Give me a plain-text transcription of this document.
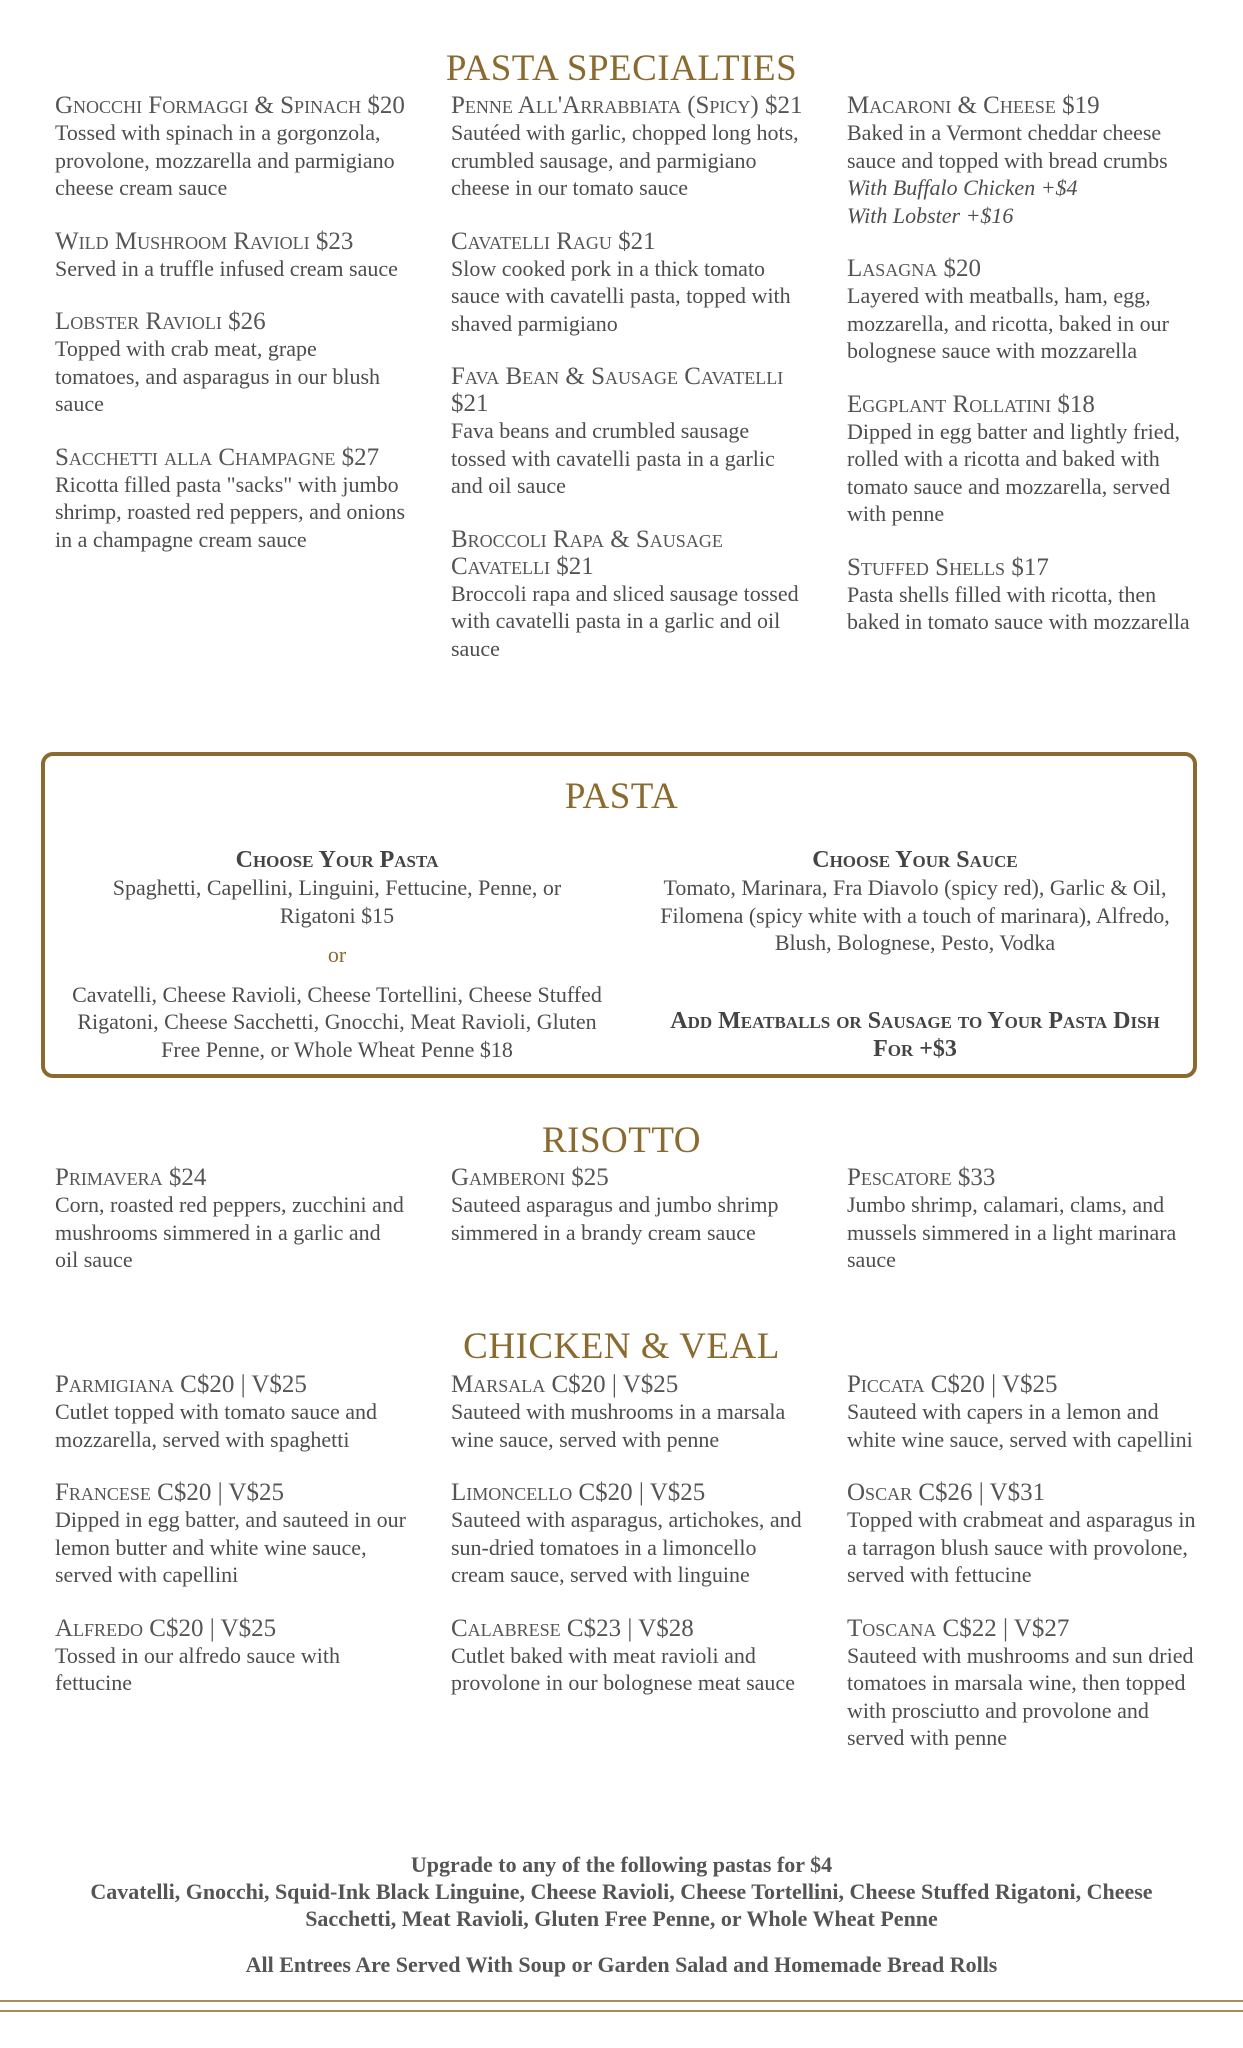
PASTA SPECIALTIES
Gnocchi Formaggi & Spinach $20
Tossed with spinach in a gorgonzola, provolone, mozzarella and parmigiano cheese cream sauce
Wild Mushroom Ravioli $23
Served in a truffle infused cream sauce
Lobster Ravioli $26
Topped with crab meat, grape tomatoes, and asparagus in our blush sauce
Sacchetti alla Champagne $27
Ricotta filled pasta "sacks" with jumbo shrimp, roasted red peppers, and onions in a champagne cream sauce
Penne All'Arrabbiata (Spicy) $21
Sautéed with garlic, chopped long hots, crumbled sausage, and parmigiano cheese in our tomato sauce
Cavatelli Ragu $21
Slow cooked pork in a thick tomato sauce with cavatelli pasta, topped with shaved parmigiano
Fava Bean & Sausage Cavatelli $21
Fava beans and crumbled sausage tossed with cavatelli pasta in a garlic and oil sauce
Broccoli Rapa & Sausage Cavatelli $21
Broccoli rapa and sliced sausage tossed with cavatelli pasta in a garlic and oil sauce
Macaroni & Cheese $19
Baked in a Vermont cheddar cheese sauce and topped with bread crumbs
With Buffalo Chicken +$4
With Lobster +$16
Lasagna $20
Layered with meatballs, ham, egg, mozzarella, and ricotta, baked in our bolognese sauce with mozzarella
Eggplant Rollatini $18
Dipped in egg batter and lightly fried, rolled with a ricotta and baked with tomato sauce and mozzarella, served with penne
Stuffed Shells $17
Pasta shells filled with ricotta, then baked in tomato sauce with mozzarella
PASTA
Choose Your Pasta
Spaghetti, Capellini, Linguini, Fettucine, Penne, or Rigatoni $15
or
Cavatelli, Cheese Ravioli, Cheese Tortellini, Cheese Stuffed Rigatoni, Cheese Sacchetti, Gnocchi, Meat Ravioli, Gluten Free Penne, or Whole Wheat Penne $18
Choose Your Sauce
Tomato, Marinara, Fra Diavolo (spicy red), Garlic & Oil, Filomena (spicy white with a touch of marinara), Alfredo, Blush, Bolognese, Pesto, Vodka
Add Meatballs or Sausage to Your Pasta Dish For +$3
RISOTTO
Primavera $24
Corn, roasted red peppers, zucchini and mushrooms simmered in a garlic and oil sauce
Gamberoni $25
Sauteed asparagus and jumbo shrimp simmered in a brandy cream sauce
Pescatore $33
Jumbo shrimp, calamari, clams, and mussels simmered in a light marinara sauce
CHICKEN & VEAL
Parmigiana C$20 | V$25
Cutlet topped with tomato sauce and mozzarella, served with spaghetti
Francese C$20 | V$25
Dipped in egg batter, and sauteed in our lemon butter and white wine sauce, served with capellini
Alfredo C$20 | V$25
Tossed in our alfredo sauce with fettucine
Marsala C$20 | V$25
Sauteed with mushrooms in a marsala wine sauce, served with penne
Limoncello C$20 | V$25
Sauteed with asparagus, artichokes, and sun-dried tomatoes in a limoncello cream sauce, served with linguine
Calabrese C$23 | V$28
Cutlet baked with meat ravioli and provolone in our bolognese meat sauce
Piccata C$20 | V$25
Sauteed with capers in a lemon and white wine sauce, served with capellini
Oscar C$26 | V$31
Topped with crabmeat and asparagus in a tarragon blush sauce with provolone, served with fettucine
Toscana C$22 | V$27
Sauteed with mushrooms and sun dried tomatoes in marsala wine, then topped with prosciutto and provolone and served with penne
Upgrade to any of the following pastas for $4
Cavatelli, Gnocchi, Squid-Ink Black Linguine, Cheese Ravioli, Cheese Tortellini, Cheese Stuffed Rigatoni, Cheese Sacchetti, Meat Ravioli, Gluten Free Penne, or Whole Wheat Penne
All Entrees Are Served With Soup or Garden Salad and Homemade Bread Rolls
